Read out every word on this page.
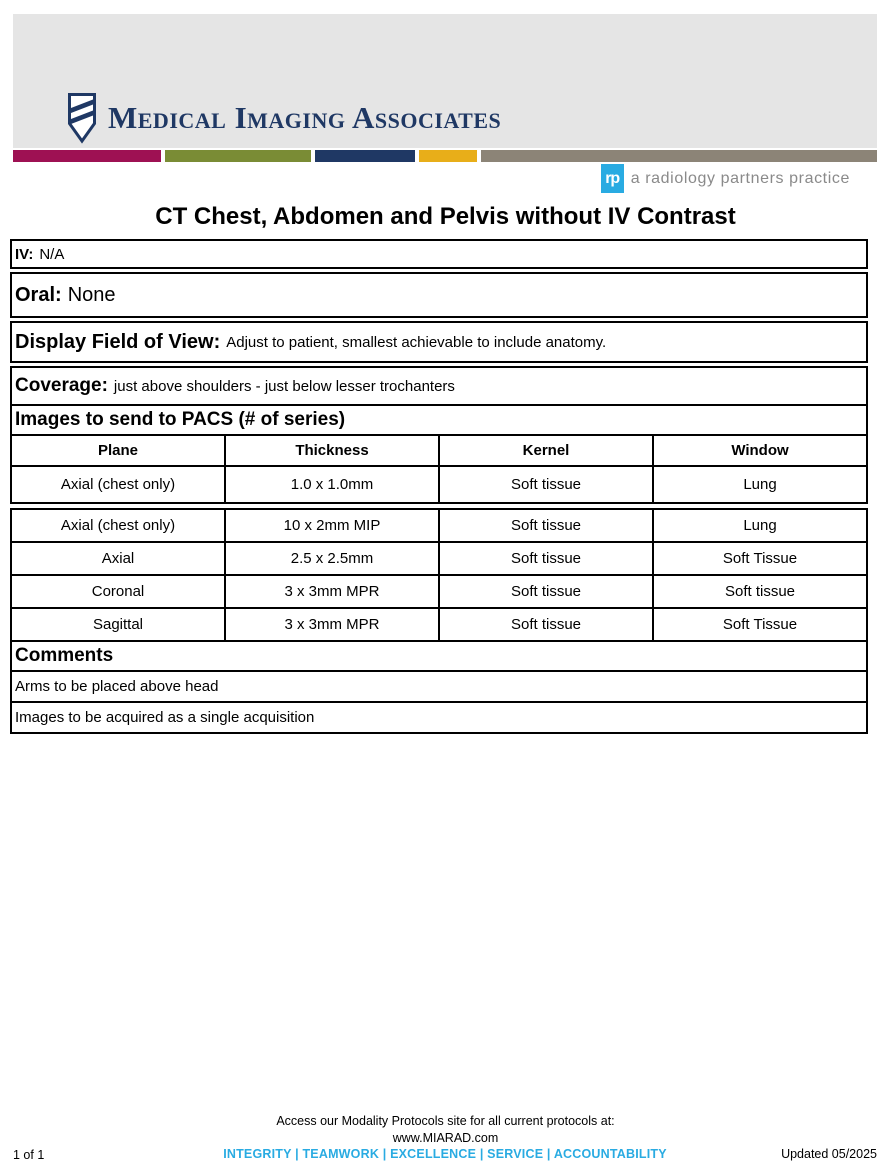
Medical Imaging Associates
rp a radiology partners practice
CT Chest, Abdomen and Pelvis without IV Contrast
IV: N/A
Oral: None
Display Field of View: Adjust to patient, smallest achievable to include anatomy.
Coverage: just above shoulders - just below lesser trochanters
Images to send to PACS (# of series)
Plane	Thickness	Kernel	Window
Axial (chest only)	1.0 x 1.0mm	Soft tissue	Lung
Axial (chest only)	10 x 2mm MIP	Soft tissue	Lung
Axial	2.5 x 2.5mm	Soft tissue	Soft Tissue
Coronal	3 x 3mm MPR	Soft tissue	Soft tissue
Sagittal	3 x 3mm MPR	Soft tissue	Soft Tissue
Comments
Arms to be placed above head
Images to be acquired as a single acquisition
Access our Modality Protocols site for all current protocols at:
www.MIARAD.com
1 of 1	INTEGRITY | TEAMWORK | EXCELLENCE | SERVICE | ACCOUNTABILITY	Updated 05/2025
